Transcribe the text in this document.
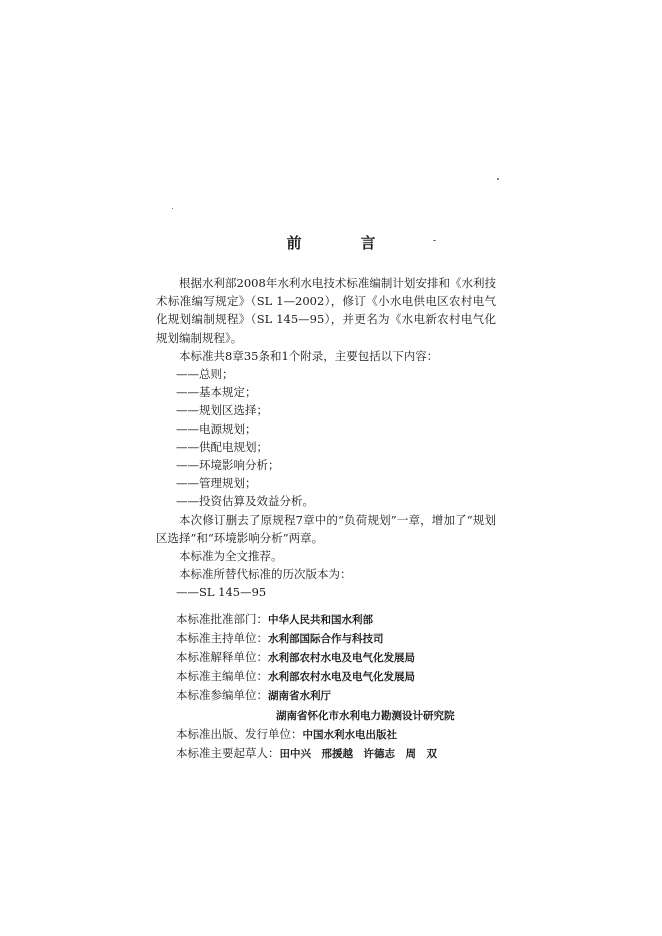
前　言

根据水利部2008年水利水电技术标准编制计划安排和《水利技术标准编写规定》（SL 1—2002），修订《小水电供电区农村电气化规划编制规程》（SL 145—95），并更名为《水电新农村电气化规划编制规程》。

本标准共8章35条和1个附录，主要包括以下内容：

——总则；

——基本规定；

——规划区选择；

——电源规划；

——供配电规划；

——环境影响分析；

——管理规划；

——投资估算及效益分析。

本次修订删去了原规程7章中的“负荷规划”一章，增加了“规划区选择”和“环境影响分析”两章。

本标准为全文推荐。

本标准所替代标准的历次版本为：

——SL 145—95

本标准批准部门：中华人民共和国水利部

本标准主持单位：水利部国际合作与科技司

本标准解释单位：水利部农村水电及电气化发展局

本标准主编单位：水利部农村水电及电气化发展局

本标准参编单位：湖南省水利厅

湖南省怀化市水利电力勘测设计研究院

本标准出版、发行单位：中国水利水电出版社

本标准主要起草人：田中兴　邢援越　许德志　周　双
